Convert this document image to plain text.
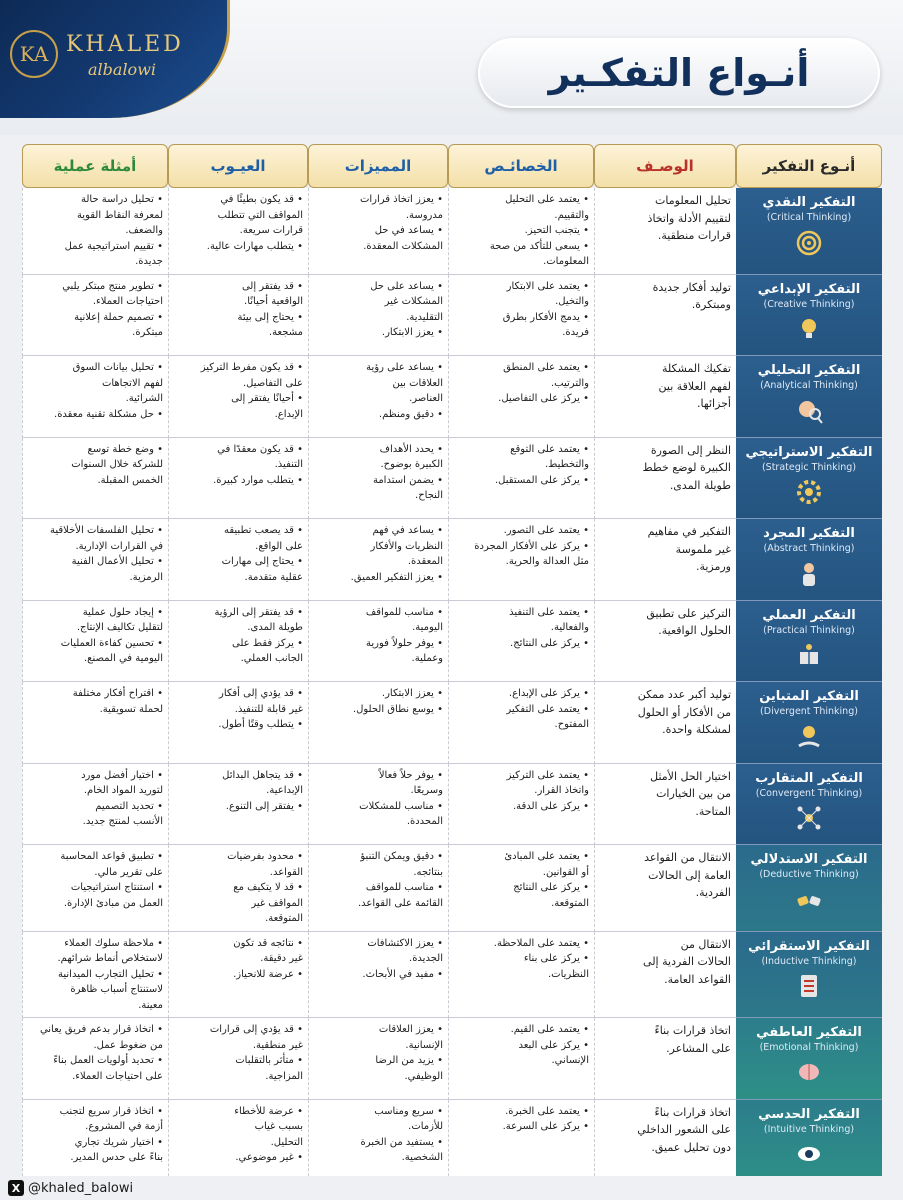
KA KHALED
albalowi	أنـواع التفكـير
أنـوع التفكير	الوصـف	الخصائـص	المميزات	العيـوب	أمثلة عملية

التفكير النقدي
(Critical Thinking)	تحليل المعلومات
لتقييم الأدلة واتخاذ
قرارات منطقية.	• يعتمد على التحليل
والتقييم.
• يتجنب التحيز.
• يسعى للتأكد من صحة
المعلومات.	• يعزز اتخاذ قرارات
مدروسة.
• يساعد في حل
المشكلات المعقدة.	• قد يكون بطيئًا في
المواقف التي تتطلب
قرارات سريعة.
• يتطلب مهارات عالية.	• تحليل دراسة حالة
لمعرفة النقاط القوية
والضعف.
• تقييم استراتيجية عمل
جديدة.

التفكير الإبداعي
(Creative Thinking)	توليد أفكار جديدة
ومبتكرة.	• يعتمد على الابتكار
والتخيل.
• يدمج الأفكار بطرق
فريدة.	• يساعد على حل
المشكلات غير
التقليدية.
• يعزز الابتكار.	• قد يفتقر إلى
الواقعية أحيانًا.
• يحتاج إلى بيئة
مشجعة.	• تطوير منتج مبتكر يلبي
احتياجات العملاء.
• تصميم حملة إعلانية
مبتكرة.

التفكير التحليلي
(Analytical Thinking)	تفكيك المشكلة
لفهم العلاقة بين
أجزائها.	• يعتمد على المنطق
والترتيب.
• يركز على التفاصيل.	• يساعد على رؤية
العلاقات بين
العناصر.
• دقيق ومنظم.	• قد يكون مفرط التركيز
على التفاصيل.
• أحيانًا يفتقر إلى
الإبداع.	• تحليل بيانات السوق
لفهم الاتجاهات
الشرائية.
• حل مشكلة تقنية معقدة.

التفكير الاستراتيجي
(Strategic Thinking)	النظر إلى الصورة
الكبيرة لوضع خطط
طويلة المدى.	• يعتمد على التوقع
والتخطيط.
• يركز على المستقبل.	• يحدد الأهداف
الكبيرة بوضوح.
• يضمن استدامة
النجاح.	• قد يكون معقدًا في
التنفيذ.
• يتطلب موارد كبيرة.	• وضع خطة توسع
للشركة خلال السنوات
الخمس المقبلة.

التفكير المجرد
(Abstract Thinking)	التفكير في مفاهيم
غير ملموسة
ورمزية.	• يعتمد على التصور.
• يركز على الأفكار المجردة
مثل العدالة والحرية.	• يساعد في فهم
النظريات والأفكار
المعقدة.
• يعزز التفكير العميق.	• قد يصعب تطبيقه
على الواقع.
• يحتاج إلى مهارات
عقلية متقدمة.	• تحليل الفلسفات الأخلاقية
في القرارات الإدارية.
• تحليل الأعمال الفنية
الرمزية.

التفكير العملي
(Practical Thinking)	التركيز على تطبيق
الحلول الواقعية.	• يعتمد على التنفيذ
والفعالية.
• يركز على النتائج.	• مناسب للمواقف
اليومية.
• يوفر حلولاً فورية
وعملية.	• قد يفتقر إلى الرؤية
طويلة المدى.
• يركز فقط على
الجانب العملي.	• إيجاد حلول عملية
لتقليل تكاليف الإنتاج.
• تحسين كفاءة العمليات
اليومية في المصنع.

التفكير المتباين
(Divergent Thinking)	توليد أكبر عدد ممكن
من الأفكار أو الحلول
لمشكلة واحدة.	• يركز على الإبداع.
• يعتمد على التفكير
المفتوح.	• يعزز الابتكار.
• يوسع نطاق الحلول.	• قد يؤدي إلى أفكار
غير قابلة للتنفيذ.
• يتطلب وقتًا أطول.	• اقتراح أفكار مختلفة
لحملة تسويقية.

التفكير المتقارب
(Convergent Thinking)	اختيار الحل الأمثل
من بين الخيارات
المتاحة.	• يعتمد على التركيز
واتخاذ القرار.
• يركز على الدقة.	• يوفر حلاً فعالاً
وسريعًا.
• مناسب للمشكلات
المحددة.	• قد يتجاهل البدائل
الإبداعية.
• يفتقر إلى التنوع.	• اختيار أفضل مورد
لتوريد المواد الخام.
• تحديد التصميم
الأنسب لمنتج جديد.

التفكير الاستدلالي
(Deductive Thinking)	الانتقال من القواعد
العامة إلى الحالات
الفردية.	• يعتمد على المبادئ
أو القوانين.
• يركز على النتائج
المتوقعة.	• دقيق ويمكن التنبؤ
بنتائجه.
• مناسب للمواقف
القائمة على القواعد.	• محدود بفرضيات
القواعد.
• قد لا يتكيف مع
المواقف غير
المتوقعة.	• تطبيق قواعد المحاسبة
على تقرير مالي.
• استنتاج استراتيجيات
العمل من مبادئ الإدارة.

التفكير الاستقرائي
(Inductive Thinking)	الانتقال من
الحالات الفردية إلى
القواعد العامة.	• يعتمد على الملاحظة.
• يركز على بناء
النظريات.	• يعزز الاكتشافات
الجديدة.
• مفيد في الأبحاث.	• نتائجه قد تكون
غير دقيقة.
• عرضة للانحياز.	• ملاحظة سلوك العملاء
لاستخلاص أنماط شرائهم.
• تحليل التجارب الميدانية
لاستنتاج أسباب ظاهرة
معينة.

التفكير العاطفي
(Emotional Thinking)	اتخاذ قرارات بناءً
على المشاعر.	• يعتمد على القيم.
• يركز على البعد
الإنساني.	• يعزز العلاقات
الإنسانية.
• يزيد من الرضا
الوظيفي.	• قد يؤدي إلى قرارات
غير منطقية.
• متأثر بالتقلبات
المزاجية.	• اتخاذ قرار بدعم فريق يعاني
من ضغوط عمل.
• تحديد أولويات العمل بناءً
على احتياجات العملاء.

التفكير الحدسي
(Intuitive Thinking)	اتخاذ قرارات بناءً
على الشعور الداخلي
دون تحليل عميق.	• يعتمد على الخبرة.
• يركز على السرعة.	• سريع ومناسب
للأزمات.
• يستفيد من الخبرة
الشخصية.	• عرضة للأخطاء
بسبب غياب
التحليل.
• غير موضوعي.	• اتخاذ قرار سريع لتجنب
أزمة في المشروع.
• اختيار شريك تجاري
بناءً على حدس المدير.
X @khaled_balowi
